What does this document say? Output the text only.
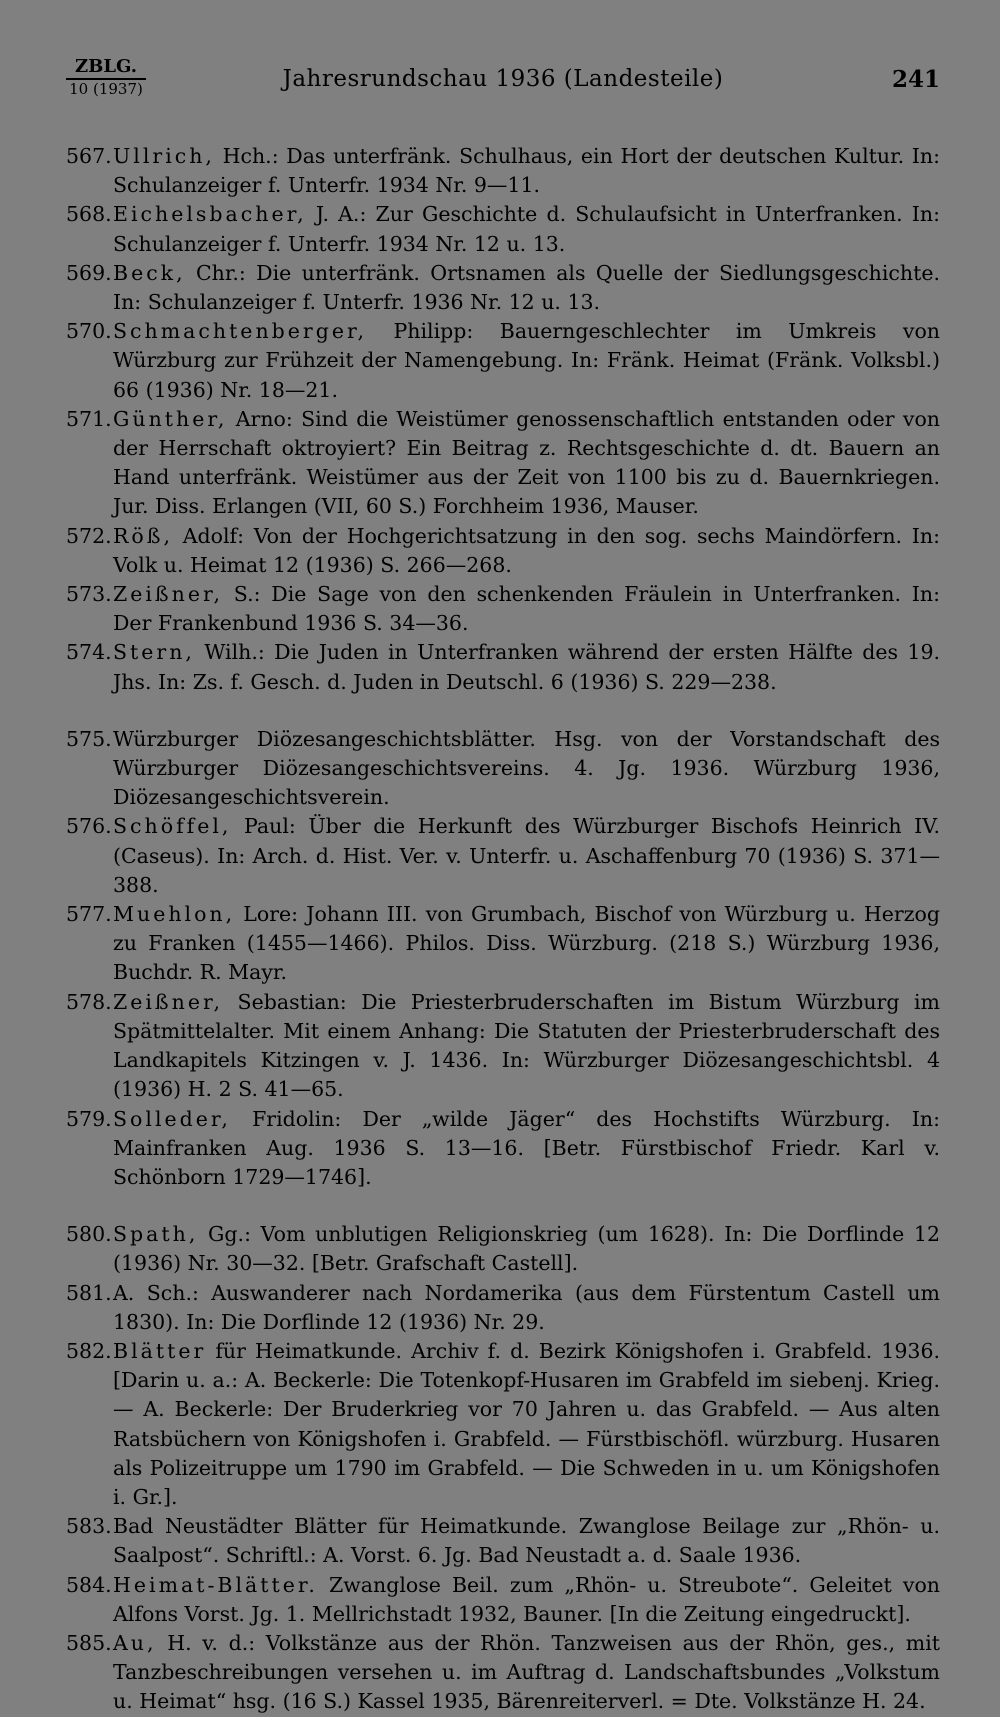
ZBLG.
10 (1937)	Jahresrundschau 1936 (Landesteile)	241
567. Ullrich, Hch.: Das unterfränk. Schulhaus, ein Hort der deutschen Kultur. In: Schulanzeiger f. Unterfr. 1934 Nr. 9—11.
568. Eichelsbacher, J. A.: Zur Geschichte d. Schulaufsicht in Unterfranken. In: Schulanzeiger f. Unterfr. 1934 Nr. 12 u. 13.
569. Beck, Chr.: Die unterfränk. Ortsnamen als Quelle der Siedlungsgeschichte. In: Schulanzeiger f. Unterfr. 1936 Nr. 12 u. 13.
570. Schmachtenberger, Philipp: Bauerngeschlechter im Umkreis von Würzburg zur Frühzeit der Namengebung. In: Fränk. Heimat (Fränk. Volksbl.) 66 (1936) Nr. 18—21.
571. Günther, Arno: Sind die Weistümer genossenschaftlich entstanden oder von der Herrschaft oktroyiert? Ein Beitrag z. Rechtsgeschichte d. dt. Bauern an Hand unterfränk. Weistümer aus der Zeit von 1100 bis zu d. Bauernkriegen. Jur. Diss. Erlangen (VII, 60 S.) Forchheim 1936, Mauser.
572. Röß, Adolf: Von der Hochgerichtsatzung in den sog. sechs Maindörfern. In: Volk u. Heimat 12 (1936) S. 266—268.
573. Zeißner, S.: Die Sage von den schenkenden Fräulein in Unterfranken. In: Der Frankenbund 1936 S. 34—36.
574. Stern, Wilh.: Die Juden in Unterfranken während der ersten Hälfte des 19. Jhs. In: Zs. f. Gesch. d. Juden in Deutschl. 6 (1936) S. 229—238.
575. Würzburger Diözesangeschichtsblätter. Hsg. von der Vorstandschaft des Würzburger Diözesangeschichtsvereins. 4. Jg. 1936. Würzburg 1936, Diözesangeschichtsverein.
576. Schöffel, Paul: Über die Herkunft des Würzburger Bischofs Heinrich IV. (Caseus). In: Arch. d. Hist. Ver. v. Unterfr. u. Aschaffenburg 70 (1936) S. 371—388.
577. Muehlon, Lore: Johann III. von Grumbach, Bischof von Würzburg u. Herzog zu Franken (1455—1466). Philos. Diss. Würzburg. (218 S.) Würzburg 1936, Buchdr. R. Mayr.
578. Zeißner, Sebastian: Die Priesterbruderschaften im Bistum Würzburg im Spätmittelalter. Mit einem Anhang: Die Statuten der Priesterbruderschaft des Landkapitels Kitzingen v. J. 1436. In: Würzburger Diözesangeschichtsbl. 4 (1936) H. 2 S. 41—65.
579. Solleder, Fridolin: Der „wilde Jäger“ des Hochstifts Würzburg. In: Mainfranken Aug. 1936 S. 13—16. [Betr. Fürstbischof Friedr. Karl v. Schönborn 1729—1746].
580. Spath, Gg.: Vom unblutigen Religionskrieg (um 1628). In: Die Dorflinde 12 (1936) Nr. 30—32. [Betr. Grafschaft Castell].
581. A. Sch.: Auswanderer nach Nordamerika (aus dem Fürstentum Castell um 1830). In: Die Dorflinde 12 (1936) Nr. 29.
582. Blätter für Heimatkunde. Archiv f. d. Bezirk Königshofen i. Grabfeld. 1936. [Darin u. a.: A. Beckerle: Die Totenkopf-Husaren im Grabfeld im siebenj. Krieg. — A. Beckerle: Der Bruderkrieg vor 70 Jahren u. das Grabfeld. — Aus alten Ratsbüchern von Königshofen i. Grabfeld. — Fürstbischöfl. würzburg. Husaren als Polizeitruppe um 1790 im Grabfeld. — Die Schweden in u. um Königshofen i. Gr.].
583. Bad Neustädter Blätter für Heimatkunde. Zwanglose Beilage zur „Rhön- u. Saalpost“. Schriftl.: A. Vorst. 6. Jg. Bad Neustadt a. d. Saale 1936.
584. Heimat-Blätter. Zwanglose Beil. zum „Rhön- u. Streubote“. Geleitet von Alfons Vorst. Jg. 1. Mellrichstadt 1932, Bauner. [In die Zeitung eingedruckt].
585. Au, H. v. d.: Volkstänze aus der Rhön. Tanzweisen aus der Rhön, ges., mit Tanzbeschreibungen versehen u. im Auftrag d. Landschaftsbundes „Volkstum u. Heimat“ hsg. (16 S.) Kassel 1935, Bärenreiterverl. = Dte. Volkstänze H. 24.
